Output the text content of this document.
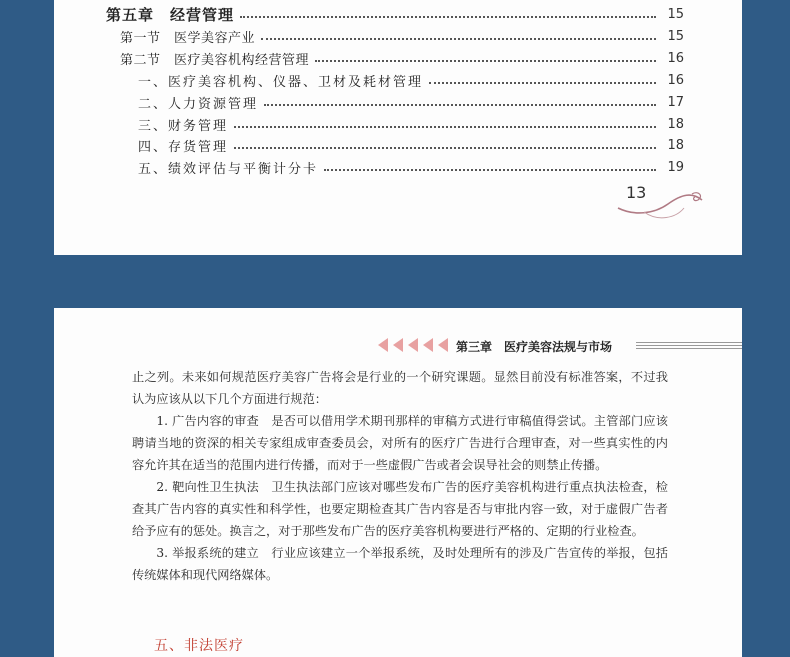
第五章　经营管理	15
第一节　医学美容产业	15
第二节　医疗美容机构经营管理	16
一、医疗美容机构、仪器、卫材及耗材管理	16
二、人力资源管理	17
三、财务管理	18
四、存货管理	18
五、绩效评估与平衡计分卡	19
13
第三章　医疗美容法规与市场

止之列。未来如何规范医疗美容广告将会是行业的一个研究课题。显然目前没有标准答案，不过我认为应该从以下几个方面进行规范：

1. 广告内容的审查　是否可以借用学术期刊那样的审稿方式进行审稿值得尝试。主管部门应该聘请当地的资深的相关专家组成审查委员会，对所有的医疗广告进行合理审查，对一些真实性的内容允许其在适当的范围内进行传播，而对于一些虚假广告或者会误导社会的则禁止传播。

2. 靶向性卫生执法　卫生执法部门应该对哪些发布广告的医疗美容机构进行重点执法检查，检查其广告内容的真实性和科学性，也要定期检查其广告内容是否与审批内容一致，对于虚假广告者给予应有的惩处。换言之，对于那些发布广告的医疗美容机构要进行严格的、定期的行业检查。

3. 举报系统的建立　行业应该建立一个举报系统，及时处理所有的涉及广告宣传的举报，包括传统媒体和现代网络媒体。

五、非法医疗
